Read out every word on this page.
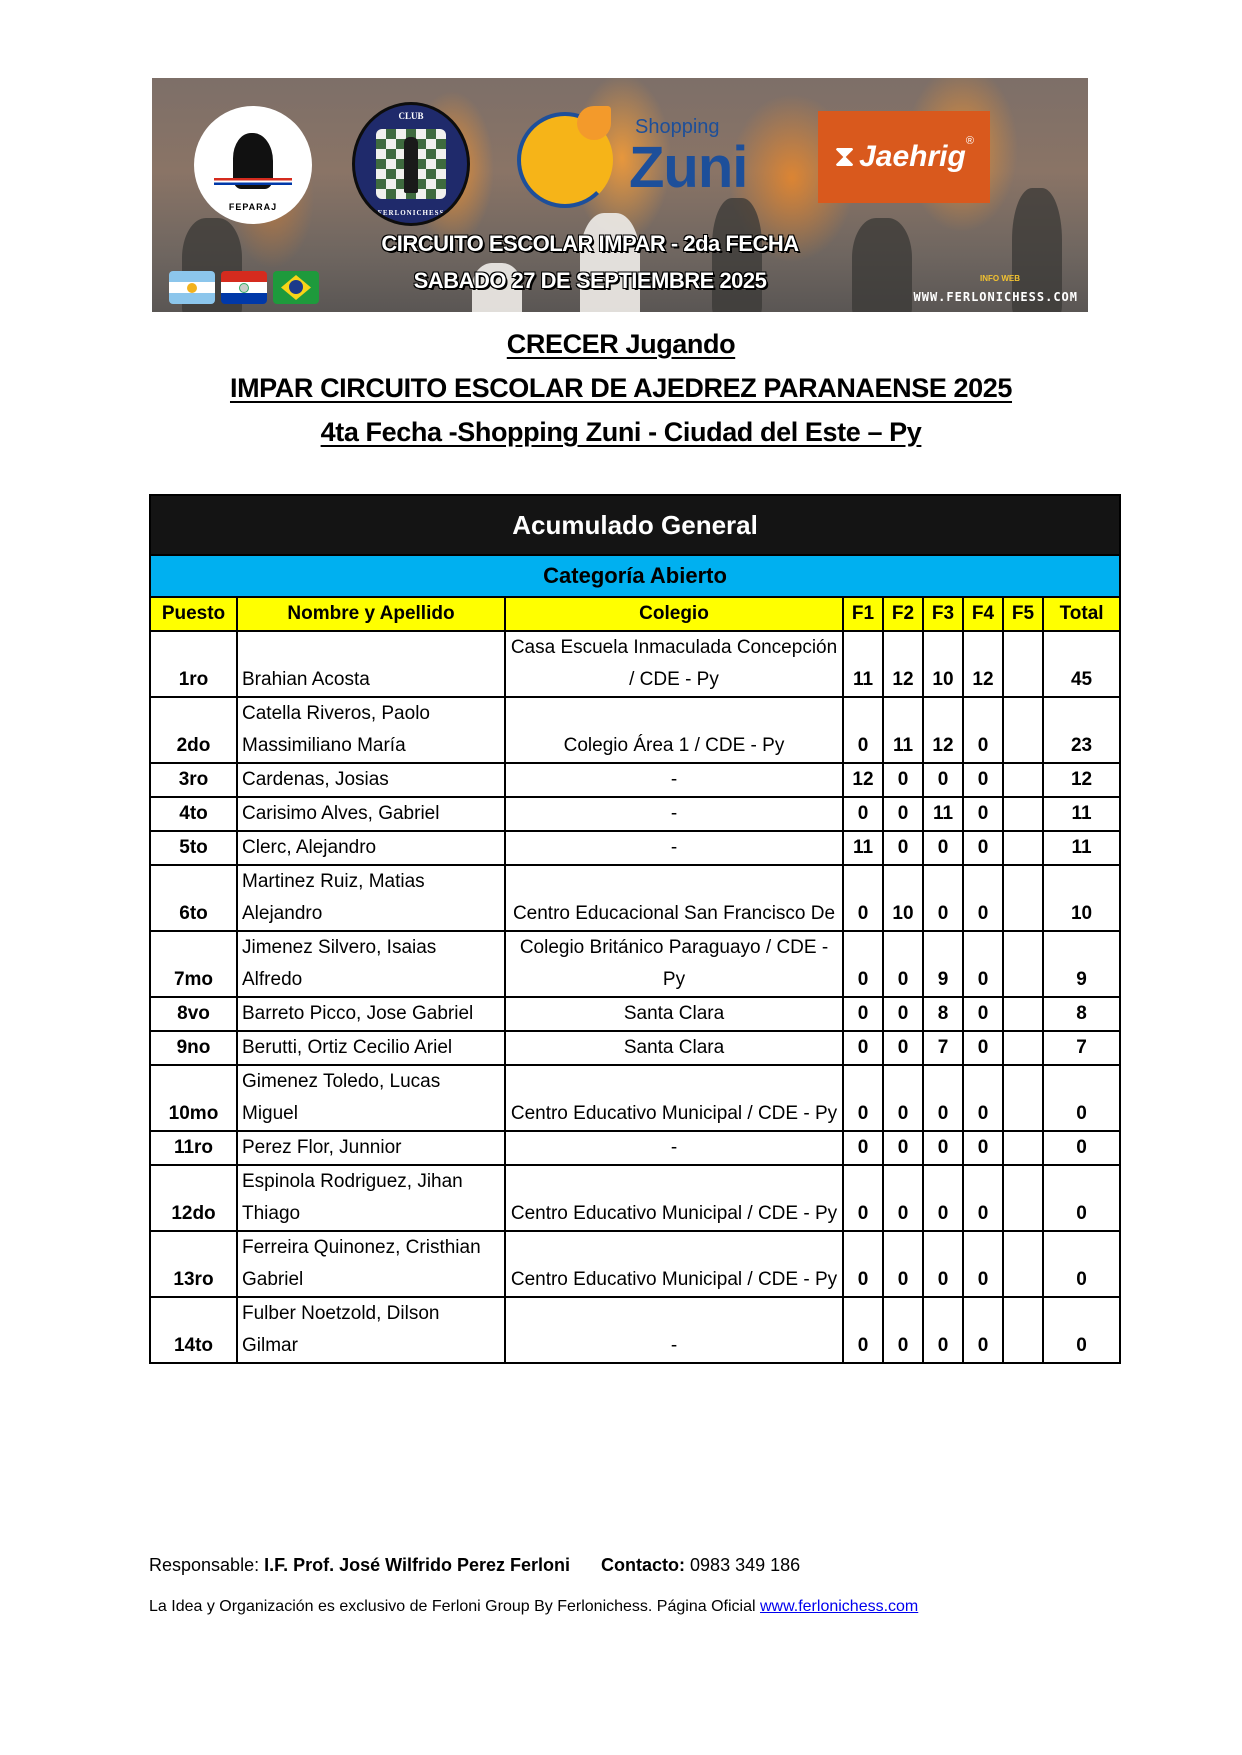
FEPARAJ
CLUB
FERLONICHESS
Shopping
Zuni	⧗ Jaehrig ®
CIRCUITO ESCOLAR IMPAR - 2da FECHA
SABADO 27 DE SEPTIEMBRE 2025	INFO WEB
WWW.FERLONICHESS.COM
CRECER Jugando
IMPAR CIRCUITO ESCOLAR DE AJEDREZ PARANAENSE 2025
4ta Fecha -Shopping Zuni - Ciudad del Este – Py
Acumulado General								
Categoría Abierto								
Puesto	Nombre y Apellido	Colegio	F1	F2	F3	F4	F5	Total
1ro	Brahian Acosta	Casa Escuela Inmaculada Concepción / CDE - Py	11	12	10	12		45
2do	Catella Riveros, Paolo Massimiliano María	Colegio Área 1 / CDE - Py	0	11	12	0		23
3ro	Cardenas, Josias	-	12	0	0	0		12
4to	Carisimo Alves, Gabriel	-	0	0	11	0		11
5to	Clerc, Alejandro	-	11	0	0	0		11
6to	Martinez Ruiz, Matias Alejandro	Centro Educacional San Francisco De	0	10	0	0		10
7mo	Jimenez Silvero, Isaias Alfredo	Colegio Británico Paraguayo / CDE - Py	0	0	9	0		9
8vo	Barreto Picco, Jose Gabriel	Santa Clara	0	0	8	0		8
9no	Berutti, Ortiz Cecilio Ariel	Santa Clara	0	0	7	0		7
10mo	Gimenez Toledo, Lucas Miguel	Centro Educativo Municipal / CDE - Py	0	0	0	0		0
11ro	Perez Flor, Junnior	-	0	0	0	0		0
12do	Espinola Rodriguez, Jihan Thiago	Centro Educativo Municipal / CDE - Py	0	0	0	0		0
13ro	Ferreira Quinonez, Cristhian Gabriel	Centro Educativo Municipal / CDE - Py	0	0	0	0		0
14to	Fulber Noetzold, Dilson Gilmar	-	0	0	0	0		0
Responsable: I.F. Prof. José Wilfrido Perez Ferloni Contacto: 0983 349 186
La Idea y Organización es exclusivo de Ferloni Group By Ferlonichess. Página Oficial www.ferlonichess.com
